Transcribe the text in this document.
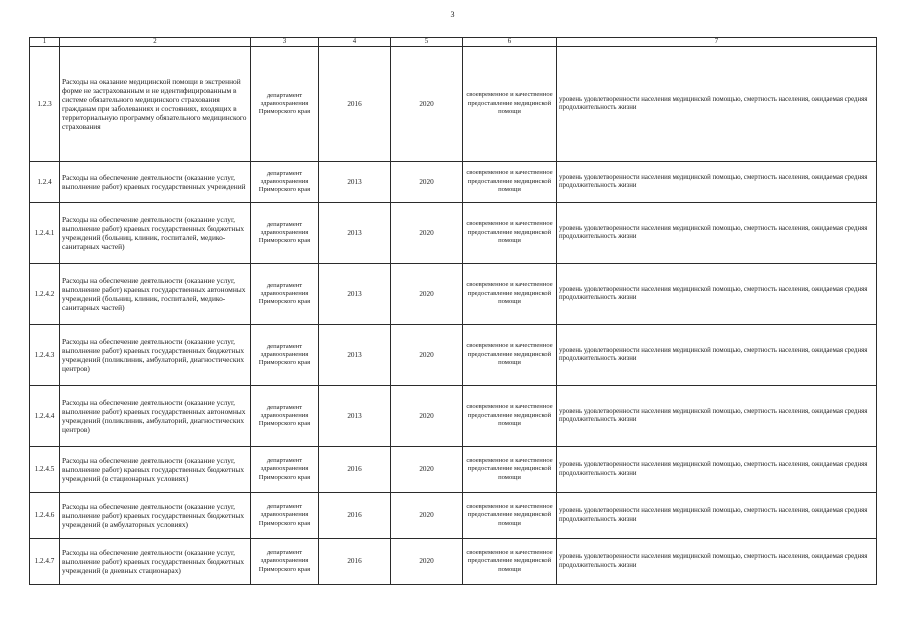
3
1	2	3	4	5	6	7
1.2.3	Расходы на оказание медицинской помощи в экстренной форме не застрахованным и не идентифицированным в системе обязательного медицинского страхования гражданам при заболеваниях и состояниях, входящих в территориальную программу обязательного медицинского страхования	департамент здравоохранения Приморского края	2016	2020	своевременное и качественное предоставление медицинской помощи	уровень удовлетворенности населения медицинской помощью, смертность населения, ожидаемая средняя продолжительность жизни
1.2.4	Расходы на обеспечение деятельности (оказание услуг, выполнение работ) краевых государственных учреждений	департамент здравоохранения Приморского края	2013	2020	своевременное и качественное предоставление медицинской помощи	уровень удовлетворенности населения медицинской помощью, смертность населения, ожидаемая средняя продолжительность жизни
1.2.4.1	Расходы на обеспечение деятельности (оказание услуг, выполнение работ) краевых государственных бюджетных учреждений (больниц, клиник, госпиталей, медико-санитарных частей)	департамент здравоохранения Приморского края	2013	2020	своевременное и качественное предоставление медицинской помощи	уровень удовлетворенности населения медицинской помощью, смертность населения, ожидаемая средняя продолжительность жизни
1.2.4.2	Расходы на обеспечение деятельности (оказание услуг, выполнение работ) краевых государственных автономных учреждений (больниц, клиник, госпиталей, медико-санитарных частей)	департамент здравоохранения Приморского края	2013	2020	своевременное и качественное предоставление медицинской помощи	уровень удовлетворенности населения медицинской помощью, смертность населения, ожидаемая средняя продолжительность жизни
1.2.4.3	Расходы на обеспечение деятельности (оказание услуг, выполнение работ) краевых государственных бюджетных учреждений (поликлиник, амбулаторий, диагностических центров)	департамент здравоохранения Приморского края	2013	2020	своевременное и качественное предоставление медицинской помощи	уровень удовлетворенности населения медицинской помощью, смертность населения, ожидаемая средняя продолжительность жизни
1.2.4.4	Расходы на обеспечение деятельности (оказание услуг, выполнение работ) краевых государственных автономных учреждений (поликлиник, амбулаторий, диагностических центров)	департамент здравоохранения Приморского края	2013	2020	своевременное и качественное предоставление медицинской помощи	уровень удовлетворенности населения медицинской помощью, смертность населения, ожидаемая средняя продолжительность жизни
1.2.4.5	Расходы на обеспечение деятельности (оказание услуг, выполнение работ) краевых государственных бюджетных учреждений (в стационарных условиях)	департамент здравоохранения Приморского края	2016	2020	своевременное и качественное предоставление медицинской помощи	уровень удовлетворенности населения медицинской помощью, смертность населения, ожидаемая средняя продолжительность жизни
1.2.4.6	Расходы на обеспечение деятельности (оказание услуг, выполнение работ) краевых государственных бюджетных учреждений (в амбулаторных условиях)	департамент здравоохранения Приморского края	2016	2020	своевременное и качественное предоставление медицинской помощи	уровень удовлетворенности населения медицинской помощью, смертность населения, ожидаемая средняя продолжительность жизни
1.2.4.7	Расходы на обеспечение деятельности (оказание услуг, выполнение работ) краевых государственных бюджетных учреждений (в дневных стационарах)	департамент здравоохранения Приморского края	2016	2020	своевременное и качественное предоставление медицинской помощи	уровень удовлетворенности населения медицинской помощью, смертность населения, ожидаемая средняя продолжительность жизни
